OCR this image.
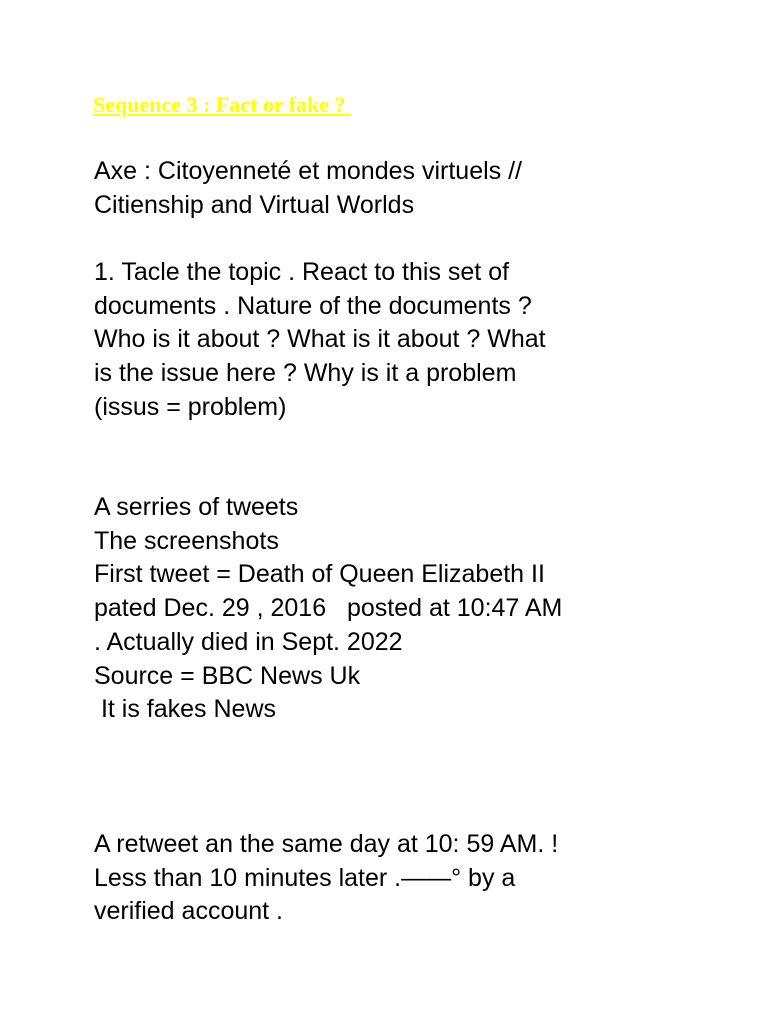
Sequence 3 : Fact or fake ?
Axe : Citoyenneté et mondes virtuels //
Citienship and Virtual Worlds
1. Tacle the topic . React to this set of
documents . Nature of the documents ?
Who is it about ? What is it about ? What
is the issue here ? Why is it a problem
(issus = problem)
A serries of tweets
The screenshots
First tweet = Death of Queen Elizabeth II
pated Dec. 29 , 2016   posted at 10:47 AM
. Actually died in Sept. 2022
Source = BBC News Uk
It is fakes News
A retweet an the same day at 10: 59 AM. !
Less than 10 minutes later .——° by a
verified account .
